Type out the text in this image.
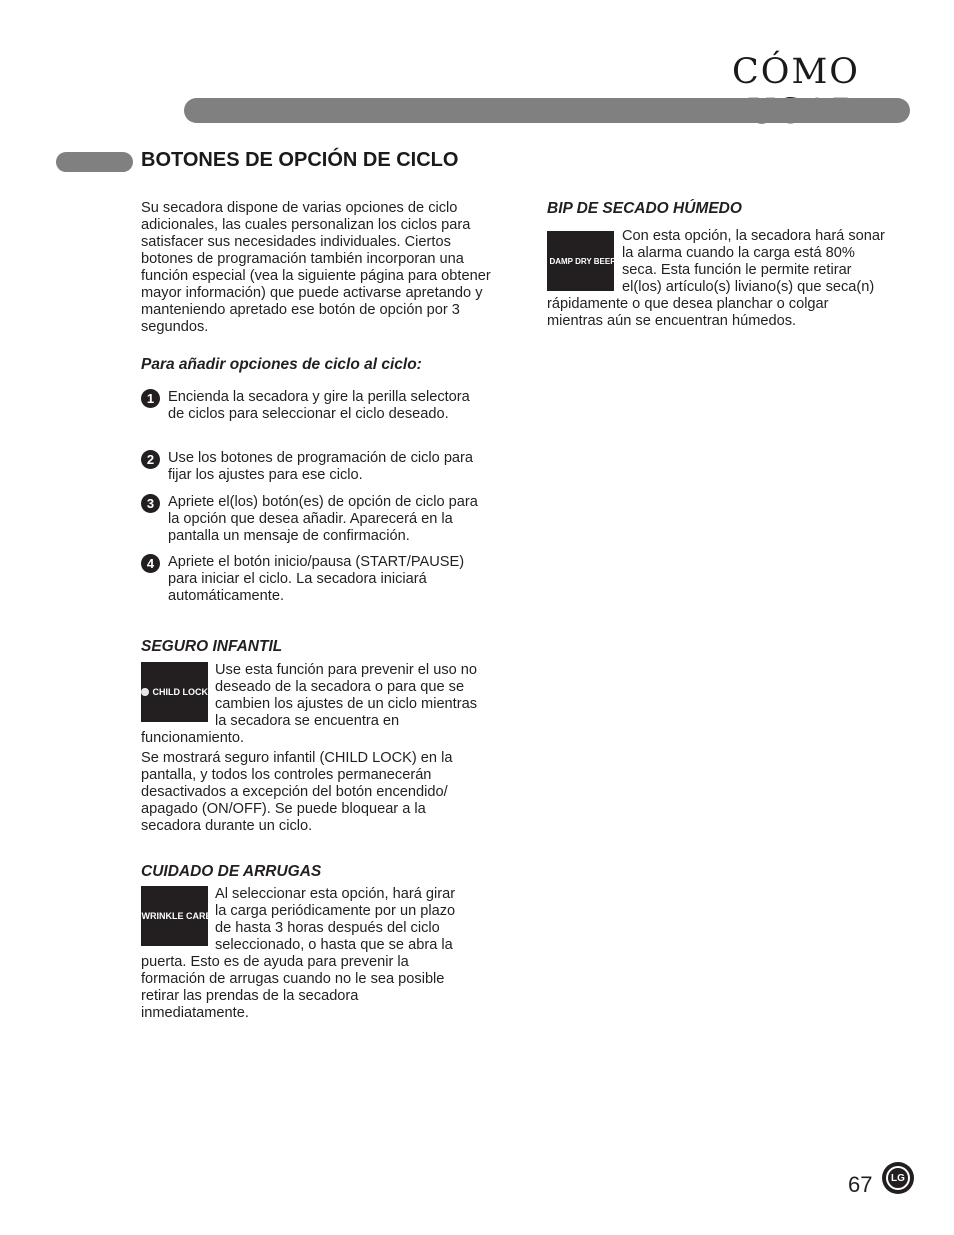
CÓMO
BOTONES DE OPCIÓN DE CICLO
Su secadora dispone de varias opciones de ciclo adicionales, las cuales personalizan los ciclos para satisfacer sus necesidades individuales. Ciertos botones de programación también incorporan una función especial (vea la siguiente página para obtener mayor información) que puede activarse apretando y manteniendo apretado ese botón de opción por 3 segundos.
Para añadir opciones de ciclo al ciclo:
1 Encienda la secadora y gire la perilla selectora de ciclos para seleccionar el ciclo deseado.
2 Use los botones de programación de ciclo para fijar los ajustes para ese ciclo.
3 Apriete el(los) botón(es) de opción de ciclo para la opción que desea añadir. Aparecerá en la pantalla un mensaje de confirmación.
4 Apriete el botón inicio/pausa (START/PAUSE) para iniciar el ciclo. La secadora iniciará automáticamente.
SEGURO INFANTIL
CHILD LOCK
Use esta función para prevenir el uso no deseado de la secadora o para que se cambien los ajustes de un ciclo mientras la secadora se encuentra en funcionamiento.
Se mostrará seguro infantil (CHILD LOCK) en la pantalla, y todos los controles permanecerán desactivados a excepción del botón encendido/ apagado (ON/OFF). Se puede bloquear a la secadora durante un ciclo.
CUIDADO DE ARRUGAS
WRINKLE CARE
Al seleccionar esta opción, hará girar la carga periódicamente por un plazo de hasta 3 horas después del ciclo seleccionado, o hasta que se abra la puerta. Esto es de ayuda para prevenir la formación de arrugas cuando no le sea posible retirar las prendas de la secadora inmediatamente.
BIP DE SECADO HÚMEDO
DAMP DRY BEEP
Con esta opción, la secadora hará sonar la alarma cuando la carga está 80% seca. Esta función le permite retirar el(los) artículo(s) liviano(s) que seca(n) rápidamente o que desea planchar o colgar mientras aún se encuentran húmedos.
67 LG
